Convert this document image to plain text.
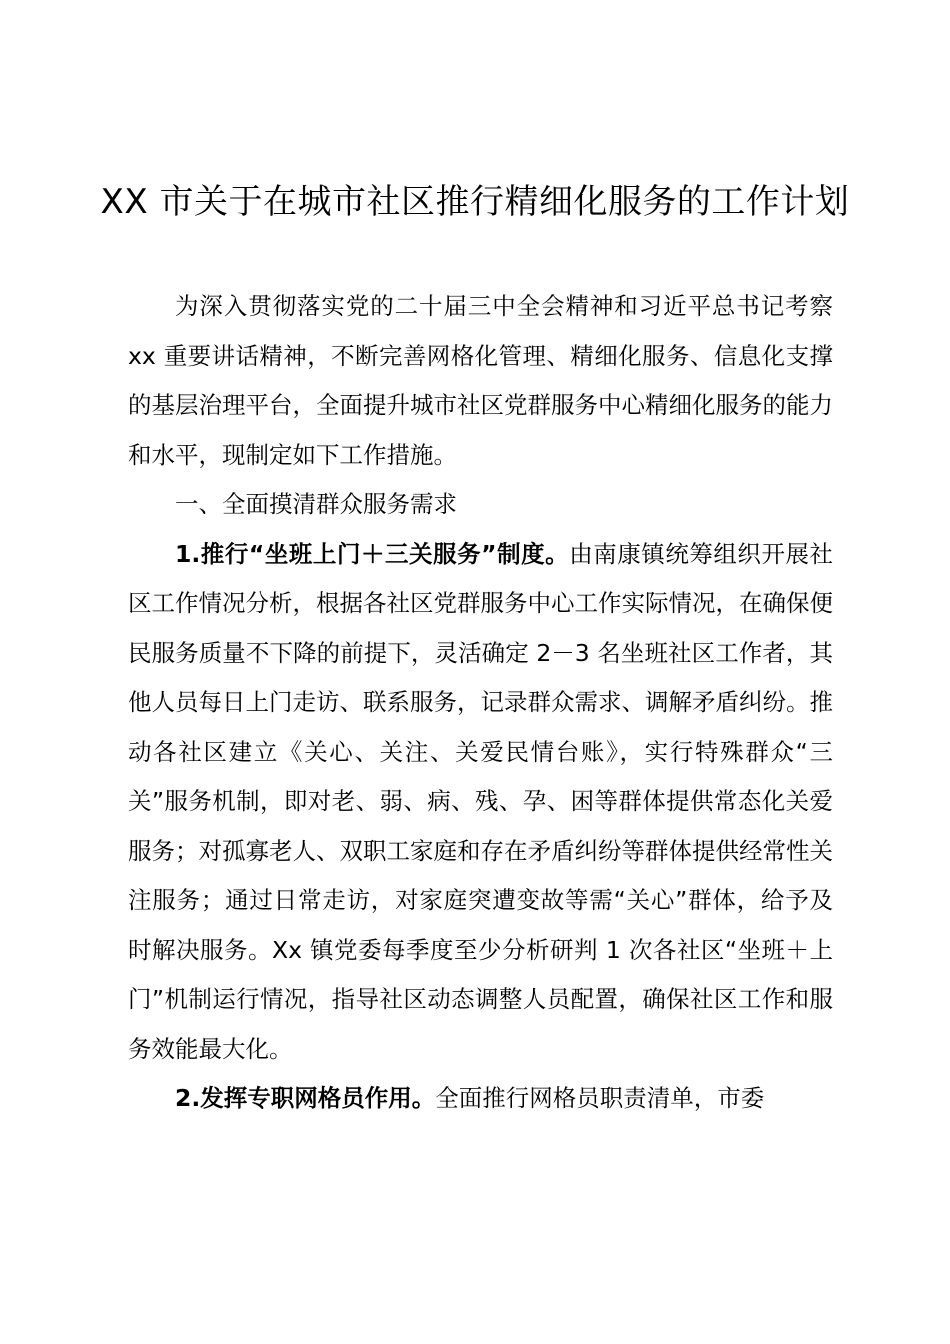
XX 市关于在城市社区推行精细化服务的工作计划

为深入贯彻落实党的二十届三中全会精神和习近平总书记考察 xx 重要讲话精神，不断完善网格化管理、精细化服务、信息化支撑的基层治理平台，全面提升城市社区党群服务中心精细化服务的能力和水平，现制定如下工作措施。

一、全面摸清群众服务需求

1.推行“坐班上门＋三关服务”制度。由南康镇统筹组织开展社区工作情况分析，根据各社区党群服务中心工作实际情况，在确保便民服务质量不下降的前提下，灵活确定 2－3 名坐班社区工作者，其他人员每日上门走访、联系服务，记录群众需求、调解矛盾纠纷。推动各社区建立《关心、关注、关爱民情台账》，实行特殊群众“三关”服务机制，即对老、弱、病、残、孕、困等群体提供常态化关爱服务；对孤寡老人、双职工家庭和存在矛盾纠纷等群体提供经常性关注服务；通过日常走访，对家庭突遭变故等需“关心”群体，给予及时解决服务。Xx 镇党委每季度至少分析研判 1 次各社区“坐班＋上门”机制运行情况，指导社区动态调整人员配置，确保社区工作和服务效能最大化。

2.发挥专职网格员作用。全面推行网格员职责清单，市委
